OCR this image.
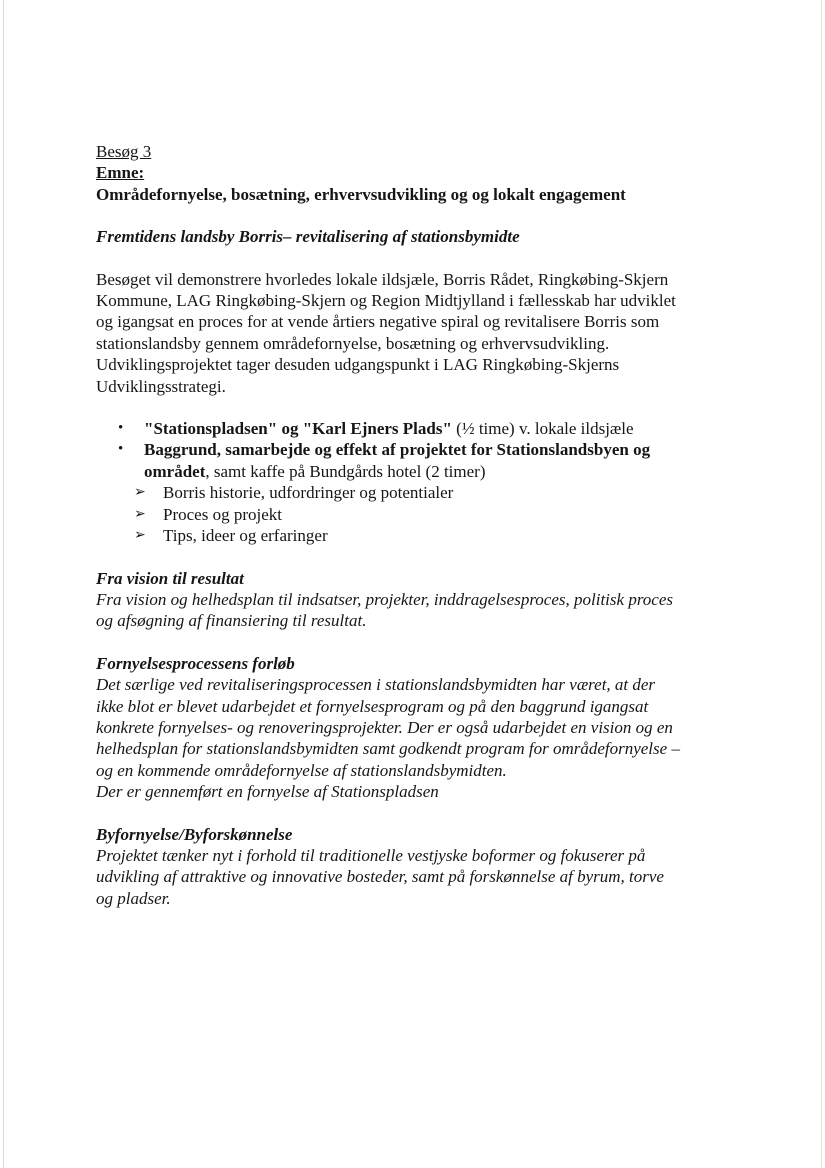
Besøg 3
Emne:
Områdefornyelse, bosætning, erhvervsudvikling og og lokalt engagement
Fremtidens landsby Borris– revitalisering af stationsbymidte
Besøget vil demonstrere hvorledes lokale ildsjæle, Borris Rådet, Ringkøbing-Skjern
Kommune, LAG Ringkøbing-Skjern og Region Midtjylland i fællesskab har udviklet
og igangsat en proces for at vende årtiers negative spiral og revitalisere Borris som
stationslandsby gennem områdefornyelse, bosætning og erhvervsudvikling.
Udviklingsprojektet tager desuden udgangspunkt i LAG Ringkøbing-Skjerns
Udviklingsstrategi.
• "Stationspladsen" og "Karl Ejners Plads" (½ time) v. lokale ildsjæle
• Baggrund, samarbejde og effekt af projektet for Stationslandsbyen og
området, samt kaffe på Bundgårds hotel (2 timer)
➢ Borris historie, udfordringer og potentialer
➢ Proces og projekt
➢ Tips, ideer og erfaringer
Fra vision til resultat
Fra vision og helhedsplan til indsatser, projekter, inddragelsesproces, politisk proces
og afsøgning af finansiering til resultat.
Fornyelsesprocessens forløb
Det særlige ved revitaliseringsprocessen i stationslandsbymidten har været, at der
ikke blot er blevet udarbejdet et fornyelsesprogram og på den baggrund igangsat
konkrete fornyelses- og renoveringsprojekter. Der er også udarbejdet en vision og en
helhedsplan for stationslandsbymidten samt godkendt program for områdefornyelse –
og en kommende områdefornyelse af stationslandsbymidten.
Der er gennemført en fornyelse af Stationspladsen
Byfornyelse/Byforskønnelse
Projektet tænker nyt i forhold til traditionelle vestjyske boformer og fokuserer på
udvikling af attraktive og innovative bosteder, samt på forskønnelse af byrum, torve
og pladser.
